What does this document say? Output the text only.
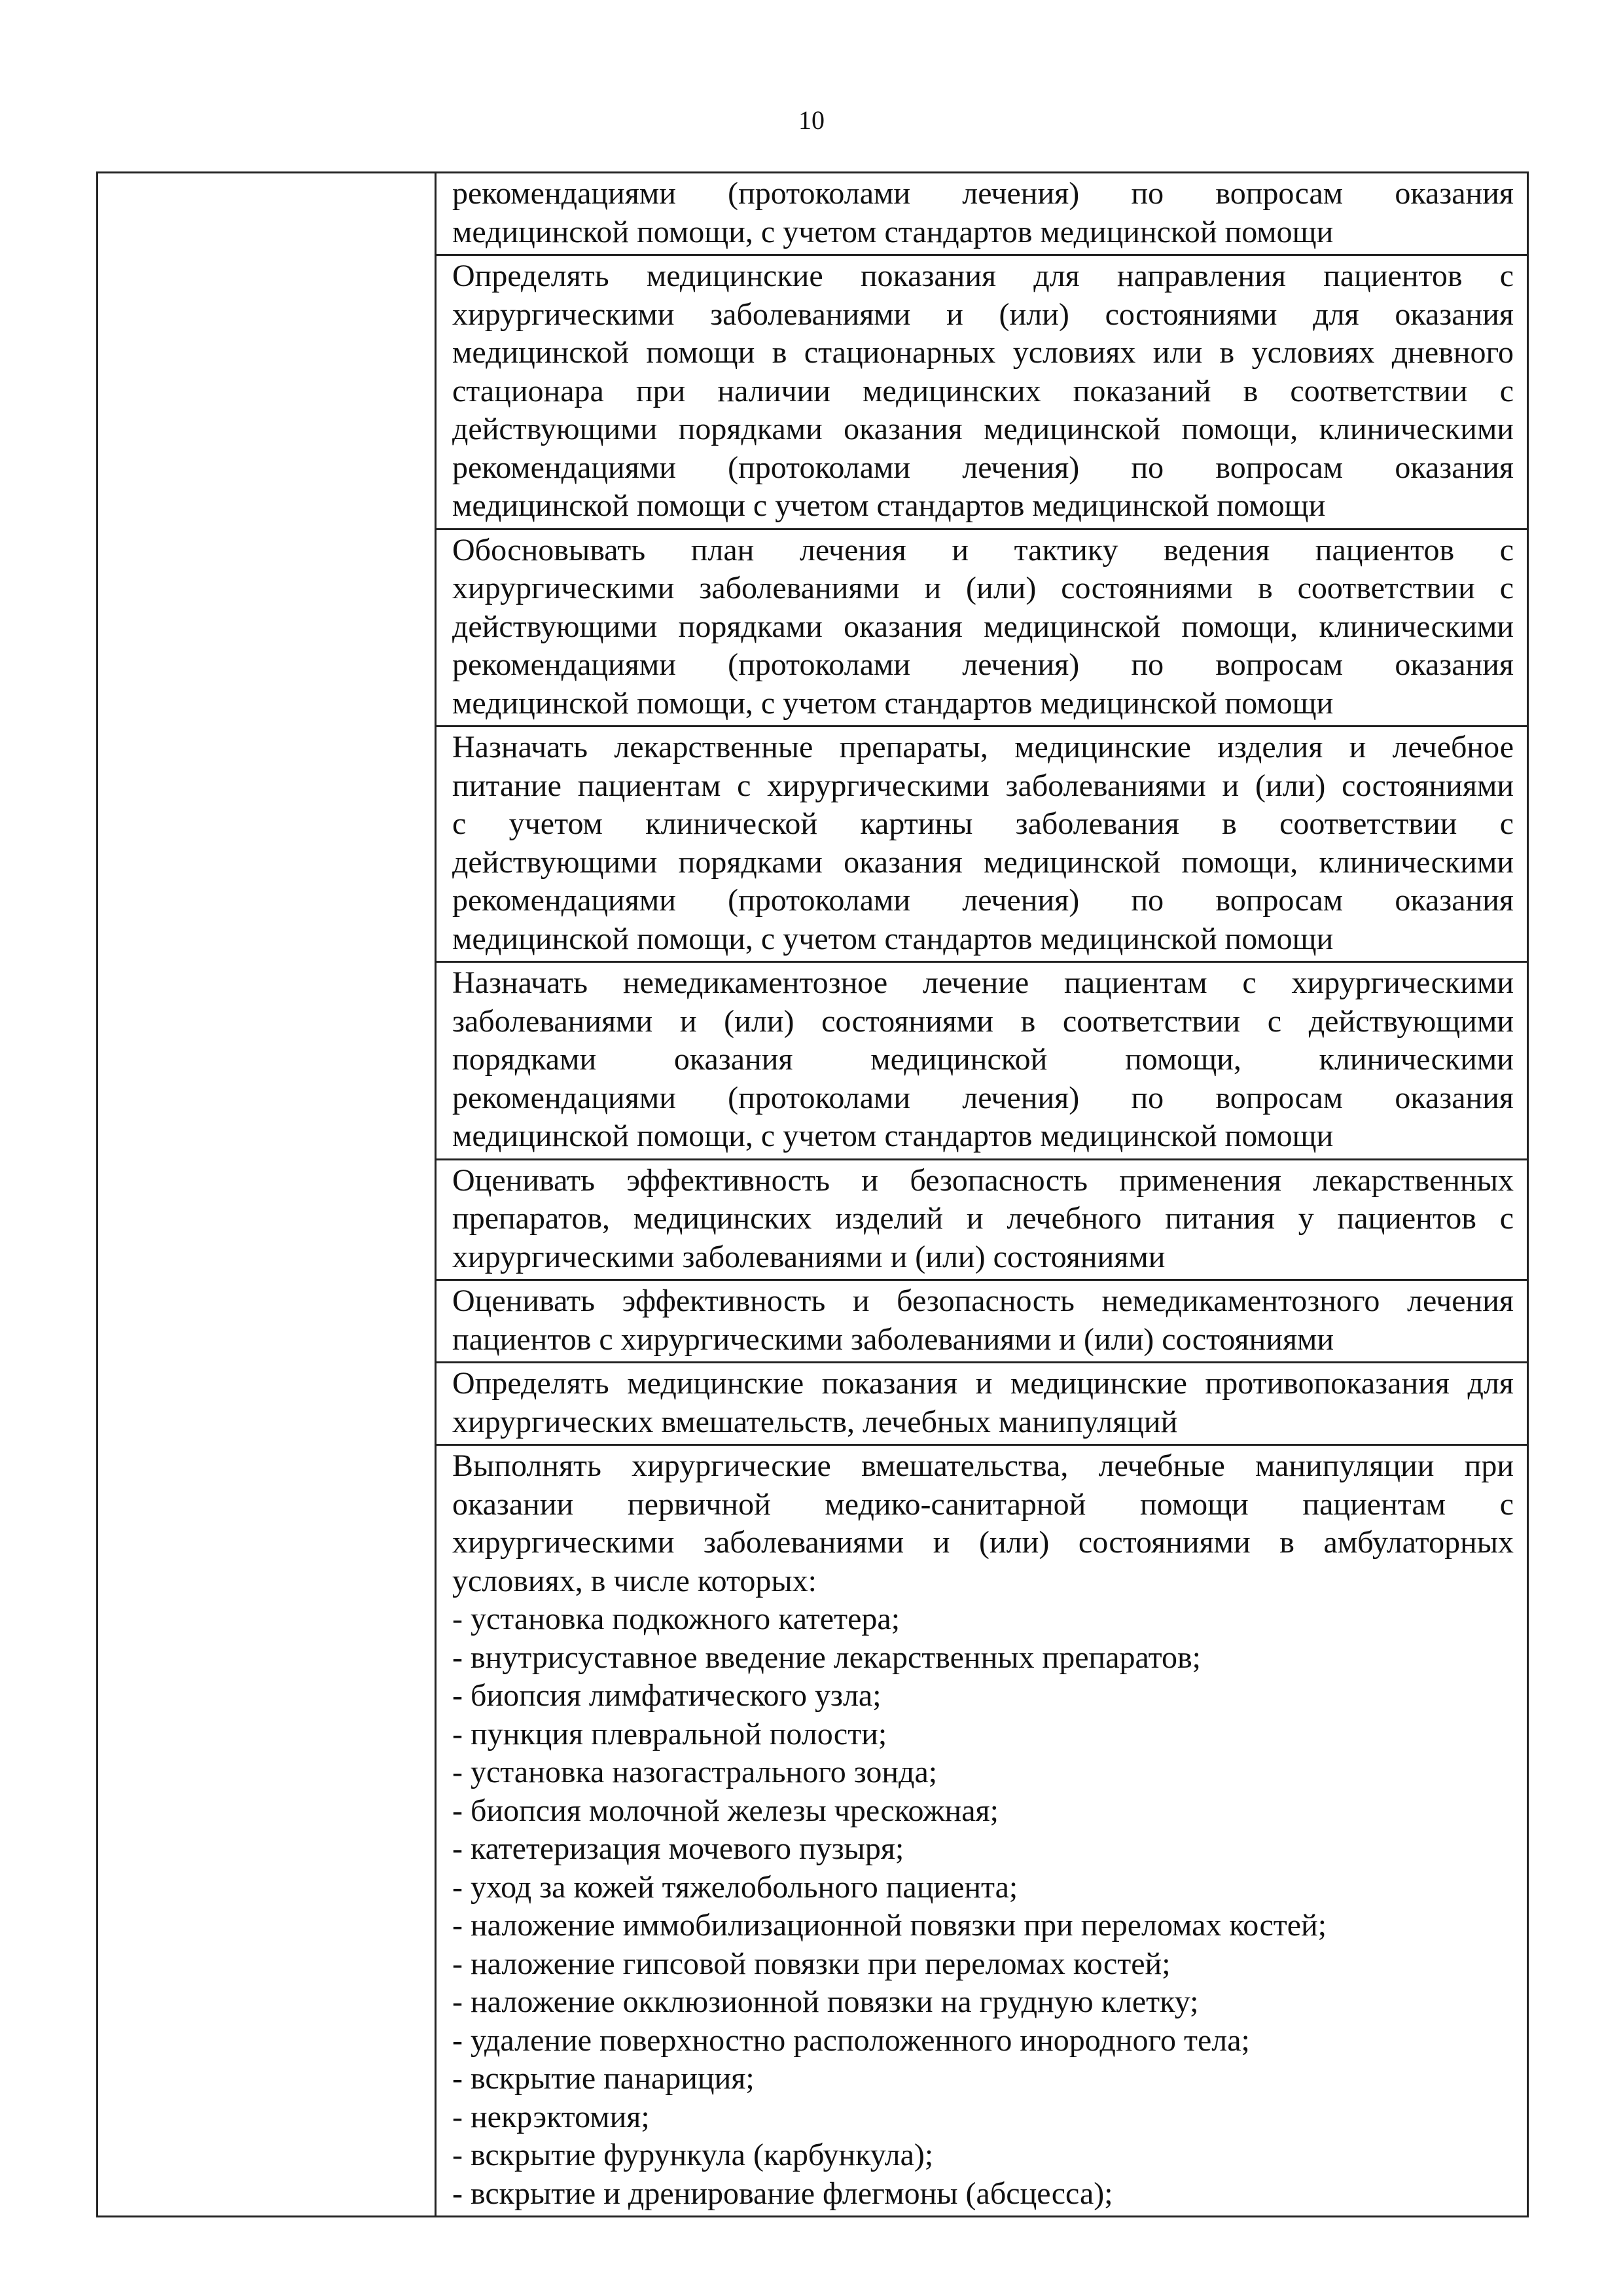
10

рекомендациями (протоколами лечения) по вопросам оказания
медицинской помощи, с учетом стандартов медицинской помощи

Определять медицинские показания для направления пациентов с
хирургическими заболеваниями и (или) состояниями для оказания
медицинской помощи в стационарных условиях или в условиях дневного
стационара при наличии медицинских показаний в соответствии с
действующими порядками оказания медицинской помощи, клиническими
рекомендациями (протоколами лечения) по вопросам оказания
медицинской помощи с учетом стандартов медицинской помощи

Обосновывать план лечения и тактику ведения пациентов с
хирургическими заболеваниями и (или) состояниями в соответствии с
действующими порядками оказания медицинской помощи, клиническими
рекомендациями (протоколами лечения) по вопросам оказания
медицинской помощи, с учетом стандартов медицинской помощи

Назначать лекарственные препараты, медицинские изделия и лечебное
питание пациентам с хирургическими заболеваниями и (или) состояниями
с учетом клинической картины заболевания в соответствии с
действующими порядками оказания медицинской помощи, клиническими
рекомендациями (протоколами лечения) по вопросам оказания
медицинской помощи, с учетом стандартов медицинской помощи

Назначать немедикаментозное лечение пациентам с хирургическими
заболеваниями и (или) состояниями в соответствии с действующими
порядками оказания медицинской помощи, клиническими
рекомендациями (протоколами лечения) по вопросам оказания
медицинской помощи, с учетом стандартов медицинской помощи

Оценивать эффективность и безопасность применения лекарственных
препаратов, медицинских изделий и лечебного питания у пациентов с
хирургическими заболеваниями и (или) состояниями

Оценивать эффективность и безопасность немедикаментозного лечения
пациентов с хирургическими заболеваниями и (или) состояниями

Определять медицинские показания и медицинские противопоказания для
хирургических вмешательств, лечебных манипуляций

Выполнять хирургические вмешательства, лечебные манипуляции при
оказании первичной медико-санитарной помощи пациентам с
хирургическими заболеваниями и (или) состояниями в амбулаторных
условиях, в числе которых:
- установка подкожного катетера;
- внутрисуставное введение лекарственных препаратов;
- биопсия лимфатического узла;
- пункция плевральной полости;
- установка назогастрального зонда;
- биопсия молочной железы чрескожная;
- катетеризация мочевого пузыря;
- уход за кожей тяжелобольного пациента;
- наложение иммобилизационной повязки при переломах костей;
- наложение гипсовой повязки при переломах костей;
- наложение окклюзионной повязки на грудную клетку;
- удаление поверхностно расположенного инородного тела;
- вскрытие панариция;
- некрэктомия;
- вскрытие фурункула (карбункула);
- вскрытие и дренирование флегмоны (абсцесса);
